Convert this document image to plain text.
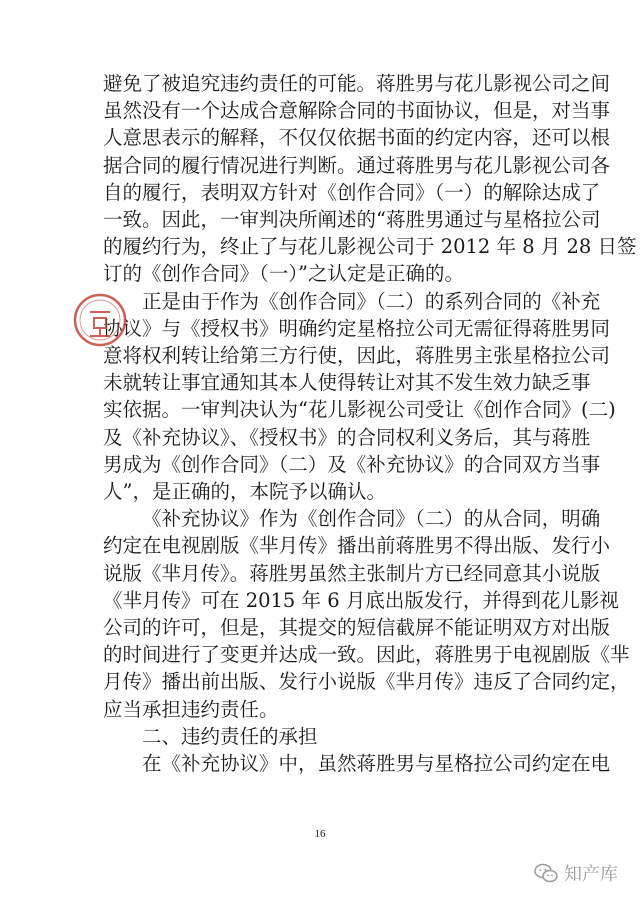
避免了被追究违约责任的可能。蒋胜男与花儿影视公司之间
虽然没有一个达成合意解除合同的书面协议，但是，对当事
人意思表示的解释，不仅仅依据书面的约定内容，还可以根
据合同的履行情况进行判断。通过蒋胜男与花儿影视公司各
自的履行，表明双方针对《创作合同》（一）的解除达成了
一致。因此，一审判决所阐述的“蒋胜男通过与星格拉公司
的履约行为，终止了与花儿影视公司于 2012 年 8 月 28 日签
订的《创作合同》（一）”之认定是正确的。
正是由于作为《创作合同》（二）的系列合同的《补充
协议》与《授权书》明确约定星格拉公司无需征得蒋胜男同
意将权利转让给第三方行使，因此，蒋胜男主张星格拉公司
未就转让事宜通知其本人使得转让对其不发生效力缺乏事
实依据。一审判决认为“花儿影视公司受让《创作合同》(二)
及《补充协议》、《授权书》的合同权利义务后，其与蒋胜
男成为《创作合同》（二）及《补充协议》的合同双方当事
人”，是正确的，本院予以确认。
《补充协议》作为《创作合同》（二）的从合同，明确
约定在电视剧版《芈月传》播出前蒋胜男不得出版、发行小
说版《芈月传》。蒋胜男虽然主张制片方已经同意其小说版
《芈月传》可在 2015 年 6 月底出版发行，并得到花儿影视
公司的许可，但是，其提交的短信截屏不能证明双方对出版
的时间进行了变更并达成一致。因此，蒋胜男于电视剧版《芈
月传》播出前出版、发行小说版《芈月传》违反了合同约定，
应当承担违约责任。
二、违约责任的承担
在《补充协议》中，虽然蒋胜男与星格拉公司约定在电
16
知产库
